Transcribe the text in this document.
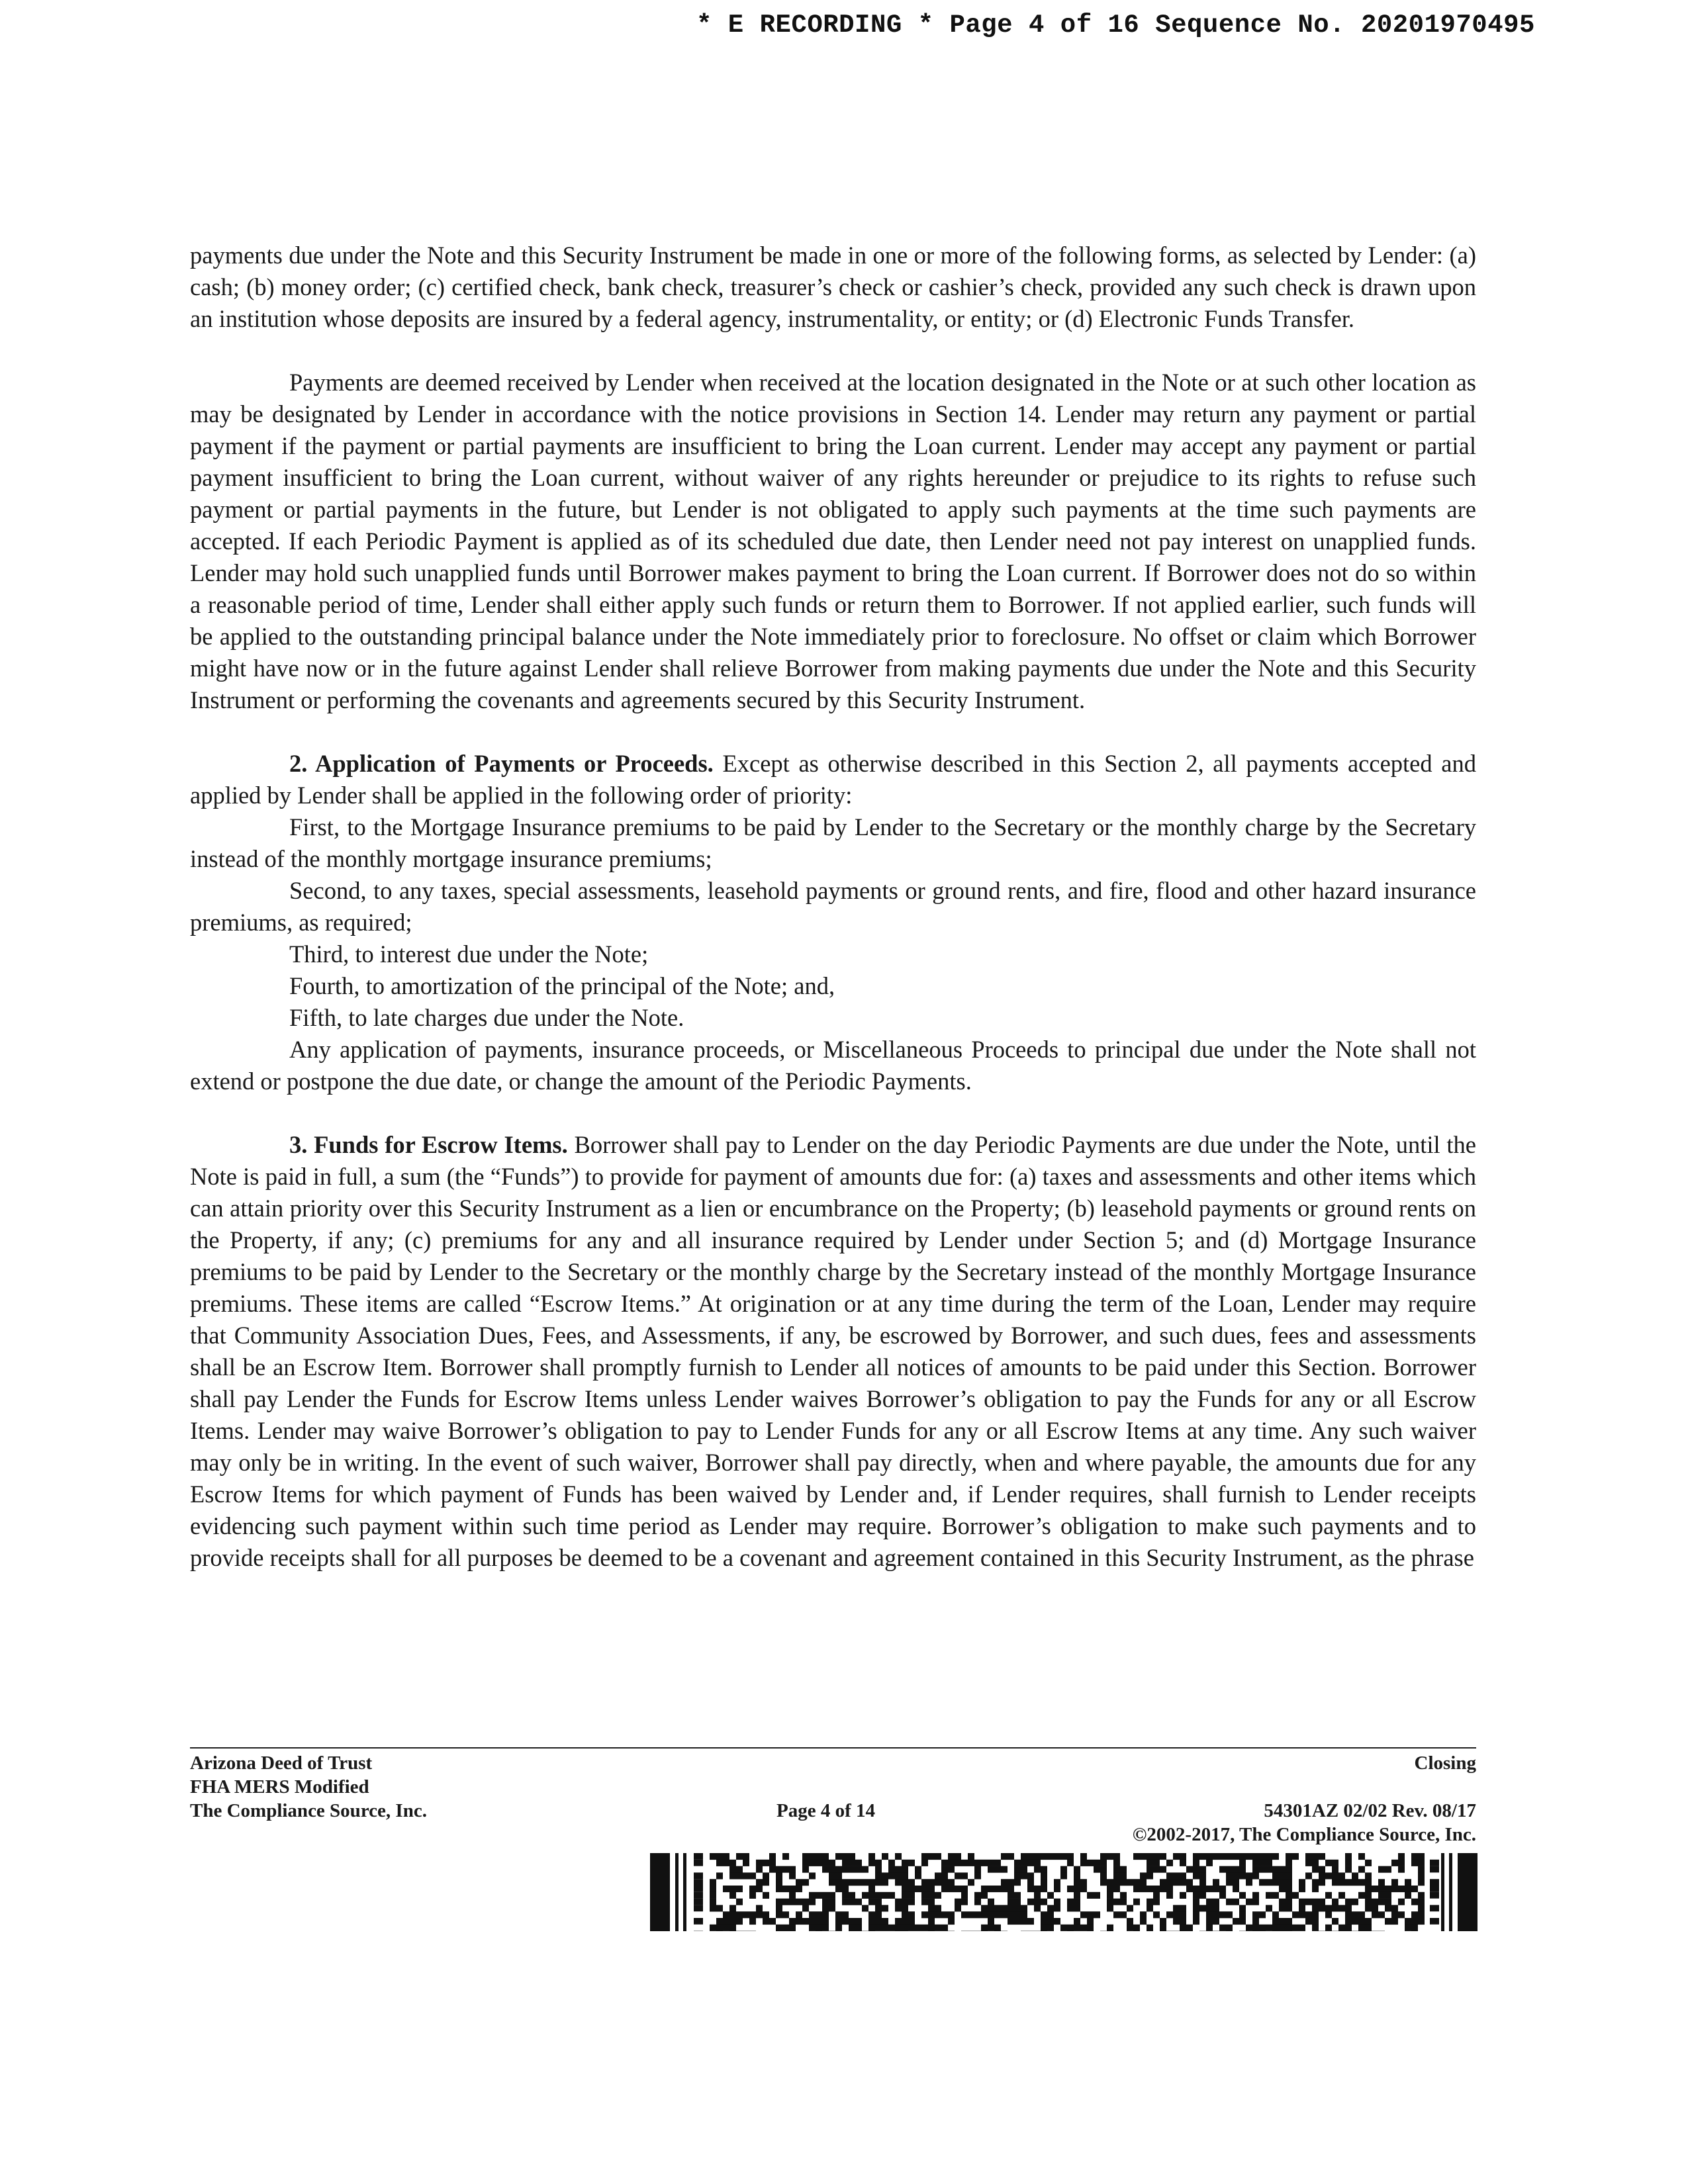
* E RECORDING * Page 4 of 16 Sequence No. 20201970495

payments due under the Note and this Security Instrument be made in one or more of the following forms, as selected by Lender: (a) cash; (b) money order; (c) certified check, bank check, treasurer’s check or cashier’s check, provided any such check is drawn upon an institution whose deposits are insured by a federal agency, instrumentality, or entity; or (d) Electronic Funds Transfer.

Payments are deemed received by Lender when received at the location designated in the Note or at such other location as may be designated by Lender in accordance with the notice provisions in Section 14. Lender may return any payment or partial payment if the payment or partial payments are insufficient to bring the Loan current. Lender may accept any payment or partial payment insufficient to bring the Loan current, without waiver of any rights hereunder or prejudice to its rights to refuse such payment or partial payments in the future, but Lender is not obligated to apply such payments at the time such payments are accepted. If each Periodic Payment is applied as of its scheduled due date, then Lender need not pay interest on unapplied funds. Lender may hold such unapplied funds until Borrower makes payment to bring the Loan current. If Borrower does not do so within a reasonable period of time, Lender shall either apply such funds or return them to Borrower. If not applied earlier, such funds will be applied to the outstanding principal balance under the Note immediately prior to foreclosure. No offset or claim which Borrower might have now or in the future against Lender shall relieve Borrower from making payments due under the Note and this Security Instrument or performing the covenants and agreements secured by this Security Instrument.

2. Application of Payments or Proceeds. Except as otherwise described in this Section 2, all payments accepted and applied by Lender shall be applied in the following order of priority:

First, to the Mortgage Insurance premiums to be paid by Lender to the Secretary or the monthly charge by the Secretary instead of the monthly mortgage insurance premiums;

Second, to any taxes, special assessments, leasehold payments or ground rents, and fire, flood and other hazard insurance premiums, as required;

Third, to interest due under the Note;

Fourth, to amortization of the principal of the Note; and,

Fifth, to late charges due under the Note.

Any application of payments, insurance proceeds, or Miscellaneous Proceeds to principal due under the Note shall not extend or postpone the due date, or change the amount of the Periodic Payments.

3. Funds for Escrow Items. Borrower shall pay to Lender on the day Periodic Payments are due under the Note, until the Note is paid in full, a sum (the “Funds”) to provide for payment of amounts due for: (a) taxes and assessments and other items which can attain priority over this Security Instrument as a lien or encumbrance on the Property; (b) leasehold payments or ground rents on the Property, if any; (c) premiums for any and all insurance required by Lender under Section 5; and (d) Mortgage Insurance premiums to be paid by Lender to the Secretary or the monthly charge by the Secretary instead of the monthly Mortgage Insurance premiums. These items are called “Escrow Items.” At origination or at any time during the term of the Loan, Lender may require that Community Association Dues, Fees, and Assessments, if any, be escrowed by Borrower, and such dues, fees and assessments shall be an Escrow Item. Borrower shall promptly furnish to Lender all notices of amounts to be paid under this Section. Borrower shall pay Lender the Funds for Escrow Items unless Lender waives Borrower’s obligation to pay the Funds for any or all Escrow Items. Lender may waive Borrower’s obligation to pay to Lender Funds for any or all Escrow Items at any time. Any such waiver may only be in writing. In the event of such waiver, Borrower shall pay directly, when and where payable, the amounts due for any Escrow Items for which payment of Funds has been waived by Lender and, if Lender requires, shall furnish to Lender receipts evidencing such payment within such time period as Lender may require. Borrower’s obligation to make such payments and to provide receipts shall for all purposes be deemed to be a covenant and agreement contained in this Security Instrument, as the phrase

Arizona Deed of Trust
FHA MERS Modified
The Compliance Source, Inc.
Closing
Page 4 of 14	54301AZ 02/02 Rev. 08/17
©2002-2017, The Compliance Source, Inc.
